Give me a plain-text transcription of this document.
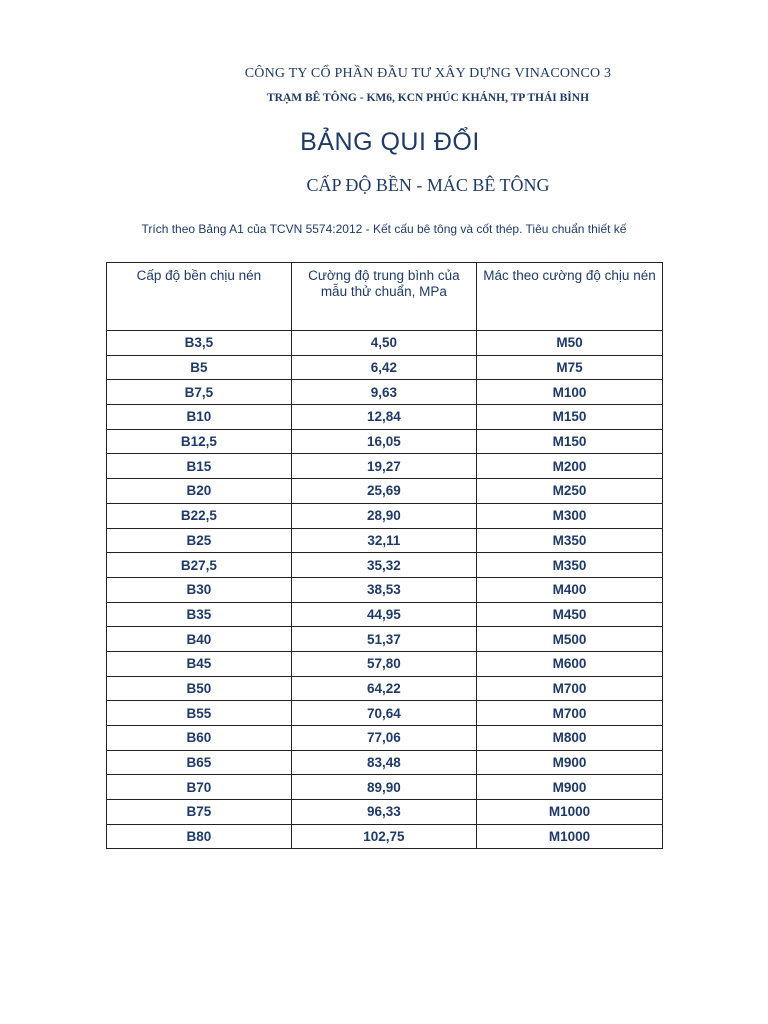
CÔNG TY CỔ PHẦN ĐẦU TƯ XÂY DỰNG VINACONCO 3
TRẠM BÊ TÔNG - KM6, KCN PHÚC KHÁNH, TP THÁI BÌNH
BẢNG QUI ĐỔI
CẤP ĐỘ BỀN - MÁC BÊ TÔNG
Trích theo Bảng A1 của TCVN 5574:2012 - Kết cấu bê tông và cốt thép. Tiêu chuẩn thiết kế
Cấp độ bền chịu nén	Cường độ trung bình của mẫu thử chuẩn, MPa	Mác theo cường độ chịu nén
B3,5	4,50	M50
B5	6,42	M75
B7,5	9,63	M100
B10	12,84	M150
B12,5	16,05	M150
B15	19,27	M200
B20	25,69	M250
B22,5	28,90	M300
B25	32,11	M350
B27,5	35,32	M350
B30	38,53	M400
B35	44,95	M450
B40	51,37	M500
B45	57,80	M600
B50	64,22	M700
B55	70,64	M700
B60	77,06	M800
B65	83,48	M900
B70	89,90	M900
B75	96,33	M1000
B80	102,75	M1000
